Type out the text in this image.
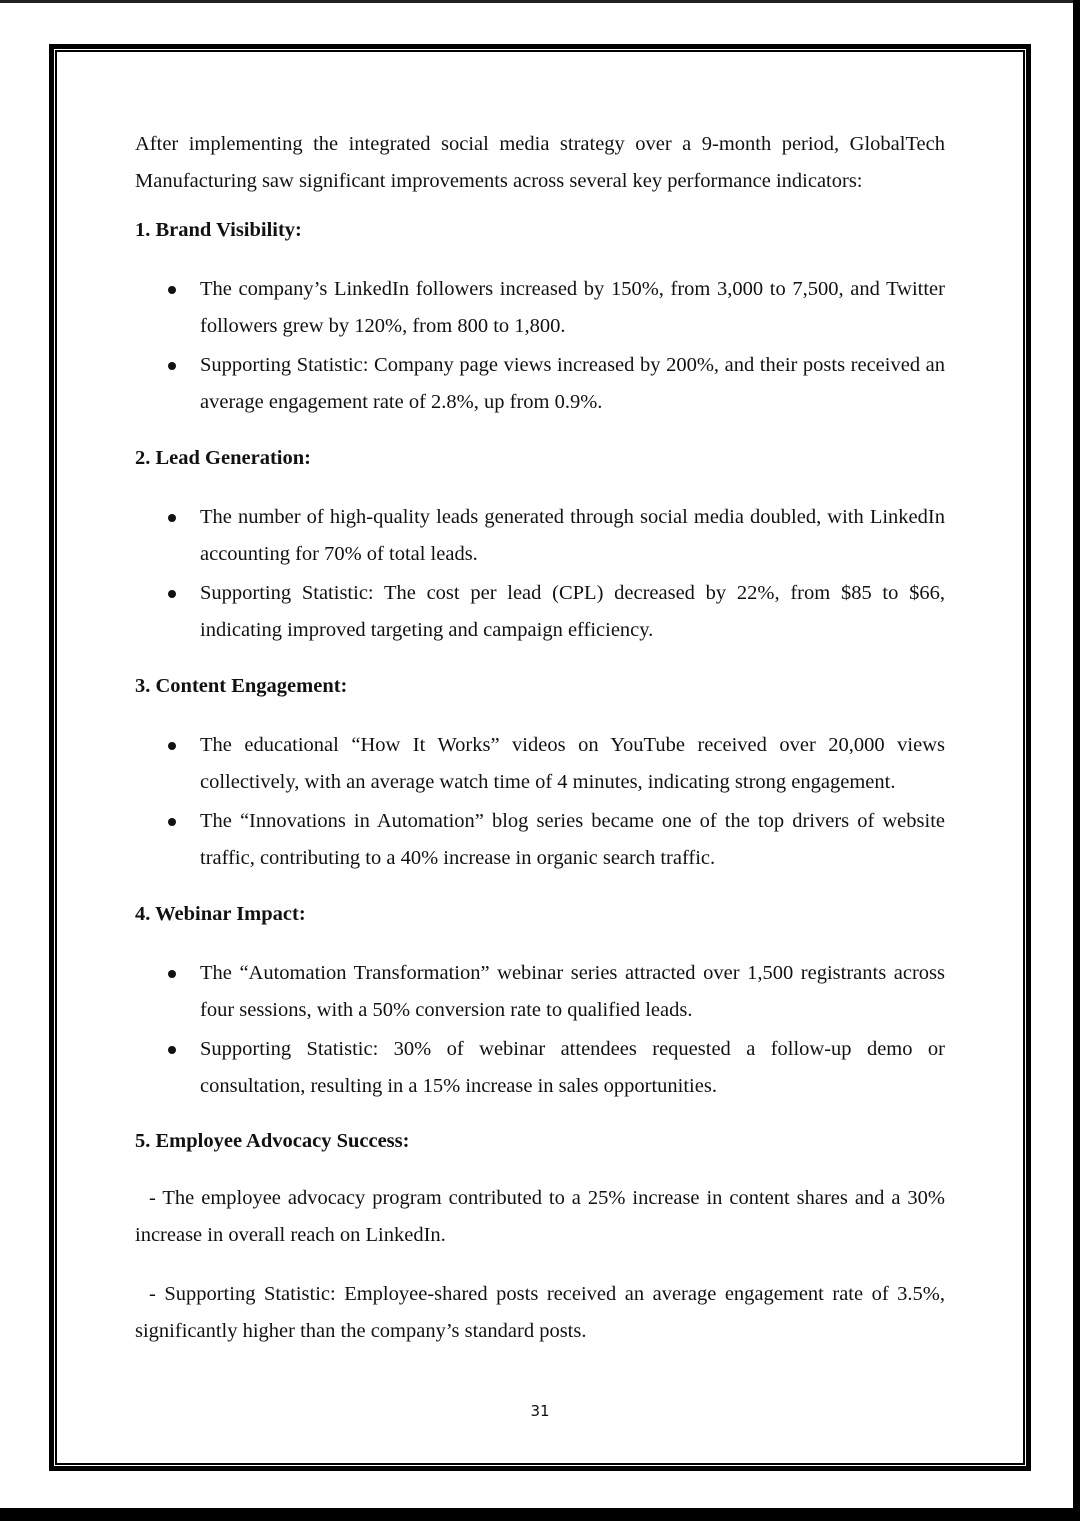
After implementing the integrated social media strategy over a 9-month period, GlobalTech Manufacturing saw significant improvements across several key performance indicators:

1. Brand Visibility:
The company’s LinkedIn followers increased by 150%, from 3,000 to 7,500, and Twitter followers grew by 120%, from 800 to 1,800.
Supporting Statistic: Company page views increased by 200%, and their posts received an average engagement rate of 2.8%, up from 0.9%.
2. Lead Generation:
The number of high-quality leads generated through social media doubled, with LinkedIn accounting for 70% of total leads.
Supporting Statistic: The cost per lead (CPL) decreased by 22%, from $85 to $66, indicating improved targeting and campaign efficiency.
3. Content Engagement:
The educational “How It Works” videos on YouTube received over 20,000 views collectively, with an average watch time of 4 minutes, indicating strong engagement.
The “Innovations in Automation” blog series became one of the top drivers of website traffic, contributing to a 40% increase in organic search traffic.
4. Webinar Impact:
The “Automation Transformation” webinar series attracted over 1,500 registrants across four sessions, with a 50% conversion rate to qualified leads.
Supporting Statistic: 30% of webinar attendees requested a follow-up demo or consultation, resulting in a 15% increase in sales opportunities.
5. Employee Advocacy Success:

- The employee advocacy program contributed to a 25% increase in content shares and a 30% increase in overall reach on LinkedIn.

- Supporting Statistic: Employee-shared posts received an average engagement rate of 3.5%, significantly higher than the company’s standard posts.

31
